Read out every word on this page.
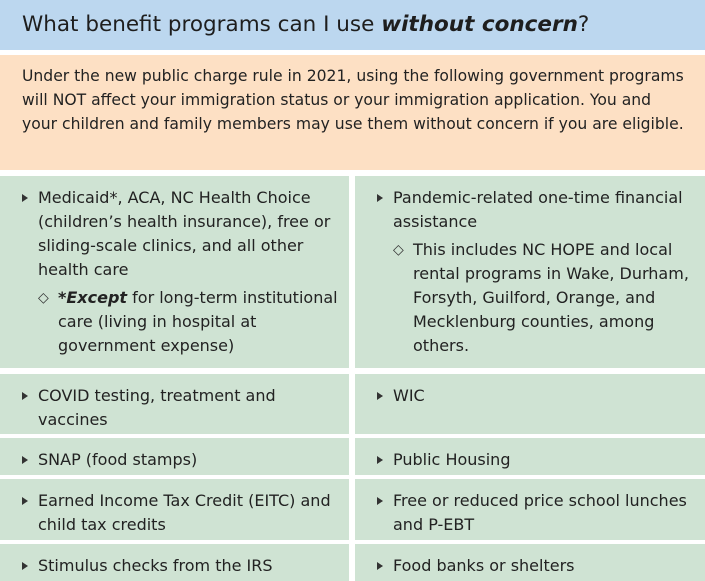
What benefit programs can I use without concern?
Under the new public charge rule in 2021, using the following government programs will NOT affect your immigration status or your immigration application. You and your children and family members may use them without concern if you are eligible.
Medicaid*, ACA, NC Health Choice (children’s health insurance), free or sliding-scale clinics, and all other health care
◇ *Except for long-term institutional care (living in hospital at government expense)
Pandemic-related one-time financial assistance
◇ This includes NC HOPE and local rental programs in Wake, Durham, Forsyth, Guilford, Orange, and Mecklenburg counties, among others.
COVID testing, treatment and vaccines
WIC
SNAP (food stamps)	Public Housing
Earned Income Tax Credit (EITC) and child tax credits
Free or reduced price school lunches and P-EBT
Stimulus checks from the IRS	Food banks or shelters
